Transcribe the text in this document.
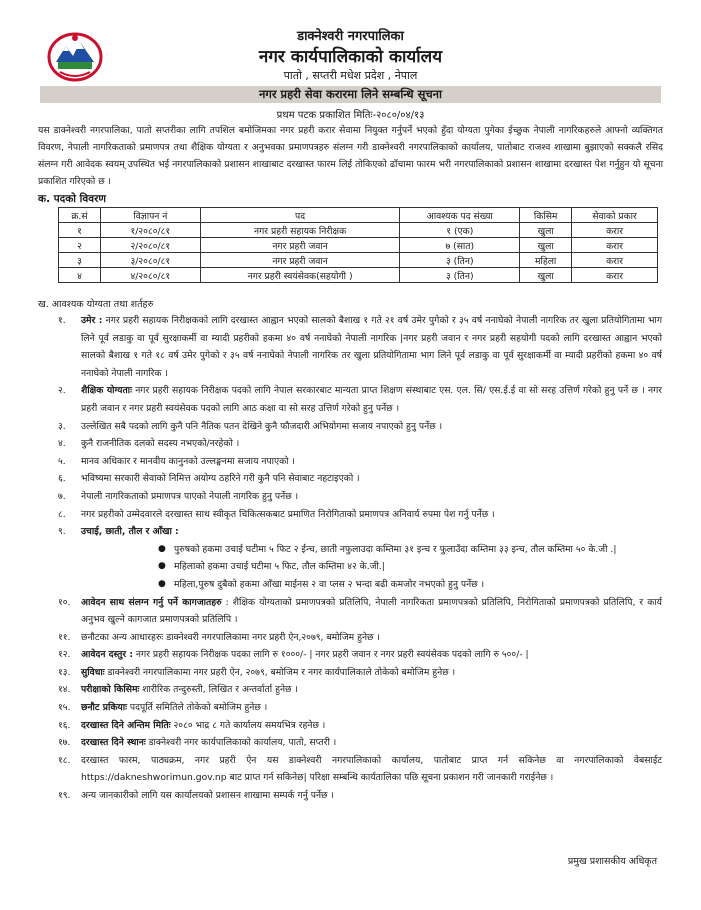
डाक्नेश्वरी नगरपालिका
नगर कार्यपालिकाको कार्यालय
पातो , सप्तरी मधेश प्रदेश , नेपाल
नगर प्रहरी सेवा करारमा लिने सम्बन्धि सूचना
प्रथम पटक प्रकाशित मितिः-२०८०/०४/१३
यस डाक्नेश्वरी नगरपालिका, पातो सप्तरीका लागि तपशिल बमोजिमका नगर प्रहरी करार सेवामा नियुक्त गर्नुपर्ने भएको हुँदा योग्यता पुगेका ईच्छुक नेपाली नागरिकहरुले आफ्नो व्यक्तिगत विवरण, नेपाली नागरिकताको प्रमाणपत्र तथा शैक्षिक योग्यता र अनुभवका प्रमाणपत्रहरु संलग्न गरी डाक्नेश्वरी नगरपालिकाको कार्यालय, पातोबाट राजश्व शाखामा बुझाएको सक्कलै रसिद संलग्न गरी आवेदक स्वयम् उपस्थित भई नगरपालिकाको प्रशासन शाखाबाट दरखास्त फारम लिई तोकिएको ढाँचामा फारम भरी नगरपालिकाको प्रशासन शाखामा दरखास्त पेश गर्नुहुन यो सूचना प्रकाशित गरिएको छ ।
क. पदको विवरण
क्र.सं	विज्ञापन नं	पद	आवश्यक पद संख्या	किसिम	सेवाको प्रकार
१	१/२०८०/८१	नगर प्रहरी सहायक निरीक्षक	१ (एक)	खुला	करार
२	२/२०८०/८१	नगर प्रहरी जवान	७ (सात)	खुला	करार
३	३/२०८०/८१	नगर प्रहरी जवान	३ (तिन)	महिला	करार
४	४/२०८०/८१	नगर प्रहरी स्वयंसेवक(सहयोगी )	३ (तिन)	खुला	करार
ख. आवश्यक योग्यता तथा शर्तहरु
१.	उमेर : नगर प्रहरी सहायक निरीक्षकको लागि दरखास्त आह्वान भएको सालको बैशाख १ गते २१ वर्ष उमेर पुगेको र ३५ वर्ष ननाघेको नेपाली नागरिक तर खुला प्रतियोगितामा भाग लिने पूर्व लडाकु वा पूर्व सुरक्षाकर्मी वा म्यादी प्रहरीको हकमा ४० वर्ष ननाघेको नेपाली नागरिक |नगर प्रहरी जवान र नगर प्रहरी सहयोगी पदको लागि दरखास्त आह्वान भएको सालको बैशाख १ गते १८ वर्ष उमेर पुगेको र ३५ वर्ष ननाघेको नेपाली नागरिक तर खुला प्रतियोगितामा भाग लिने पूर्व लडाकु वा पूर्व सुरक्षाकर्मी वा म्यादी प्रहरीको हकमा ४० वर्ष ननाघेको नेपाली नागरिक ।
२.	शैक्षिक योग्यताः नगर प्रहरी सहायक निरीक्षक पदको लागि नेपाल सरकारबाट मान्यता प्राप्त शिक्षण संस्थाबाट एस. एल. सि/ एस.ई.ई वा सो सरह उत्तिर्ण गरेको हुनु पर्ने छ । नगर प्रहरी जवान र नगर प्रहरी स्वयंसेवक पदको लागि आठ कक्षा वा सो सरह उत्तिर्ण गरेको हुनु पर्नेछ ।
३.	उल्लेखित सबै पदको लागि कुनै पनि नैतिक पतन देखिने कुनै फौजदारी अभियोगमा सजाय नपाएको हुनु पर्नेछ ।
४.	कुनै राजनीतिक दलको सदस्य नभएको/नरहेको ।
५.	मानव अधिकार र मानवीय कानुनको उल्लङ्घनमा सजाय नपाएको ।
६.	भविष्यमा सरकारी सेवाको निमित्त अयोग्य ठहरिने गरी कुनै पनि सेवाबाट नहटाइएको ।
७.	नेपाली नागरिकताको प्रमाणपत्र पाएको नेपाली नागरिक हुनु पर्नेछ ।
८.	नगर प्रहरीको उम्मेदवारले दरखास्त साथ स्वीकृत चिकित्सकबाट प्रमाणित निरोगिताको प्रमाणपत्र अनिवार्य रुपमा पेश गर्नु पर्नेछ ।
९.	उचाई, छाती, तौल र आँखा :
● पुरुषको हकमा उचाई घटीमा ५ फिट २ ईन्च, छाती नफुलाउदा कम्तिमा ३१ इन्च र फुलाउँदा कम्तिमा ३३ इन्च, तौल कम्तिमा ५० के.जी .|
● महिलाको हकमा उचाई घटीमा ५ फिट, तौल कम्तिमा ४२ के.जी.|
● महिला,पुरुष दुबैको हकमा आँखा माईनस २ वा प्लस २ भन्दा बढी कमजोर नभएको हुनु पर्नेछ ।
१०.	आवेदन साथ संलग्न गर्नु पर्ने कागजातहरु : शैक्षिक योग्यताको प्रमाणपत्रको प्रतिलिपि, नेपाली नागरिकता प्रमाणपत्रको प्रतिलिपि, निरोगिताको प्रमाणपत्रको प्रतिलिपि, र कार्य अनुभव खुल्ने कागजात प्रमाणपत्रको प्रतिलिपि ।
११.	छनौटका अन्य आधारहरुः डाक्नेश्वरी नगरपालिकामा नगर प्रहरी ऐन,२०७९, बमोजिम हुनेछ ।
१२.	आवेदन दस्तुर : नगर प्रहरी सहायक निरीक्षक पदका लागि रु १०००/- | नगर प्रहरी जवान र नगर प्रहरी स्वयंसेवक पदको लागि रु ५००/- |
१३.	सुविधाः डाक्नेश्वरी नगरपालिकामा नगर प्रहरी ऐन, २०७९, बमोजिम र नगर कार्यपालिकाले तोकेको बमोजिम हुनेछ ।
१४.	परीक्षाको किसिमः शारीरिक तन्दुरुस्ती, लिखित र अन्तर्वार्ता हुनेछ ।
१५.	छनौट प्रकियाः पदपूर्ति समितिले तोकेको बमोजिम हुनेछ ।
१६.	दरखास्त दिने अन्तिम मितिः २०८० भाद्र ८ गते कार्यालय समयभित्र रहनेछ ।
१७.	दरखास्त दिने स्थानः डाक्नेश्वरी नगर कार्यपालिकाको कार्यालय, पातो, सप्तरी ।
१८.	दरखास्त फारम, पाठ्यक्रम, नगर प्रहरी ऐन यस डाक्नेश्वरी नगरपालिकाको कार्यालय, पातोबाट प्राप्त गर्न सकिनेछ वा नगरपालिकाको वेबसाईट https://dakneshworimun.gov.np बाट प्राप्त गर्न सकिनेछ| परिक्षा सम्बन्धि कार्यतालिका पछि सूचना प्रकाशन गरी जानकारी गराईनेछ ।
१९.	अन्य जानकारीको लागि यस कार्यालयको प्रशासन शाखामा सम्पर्क गर्नु पर्नेछ ।
प्रमुख प्रशासकीय अधिकृत
